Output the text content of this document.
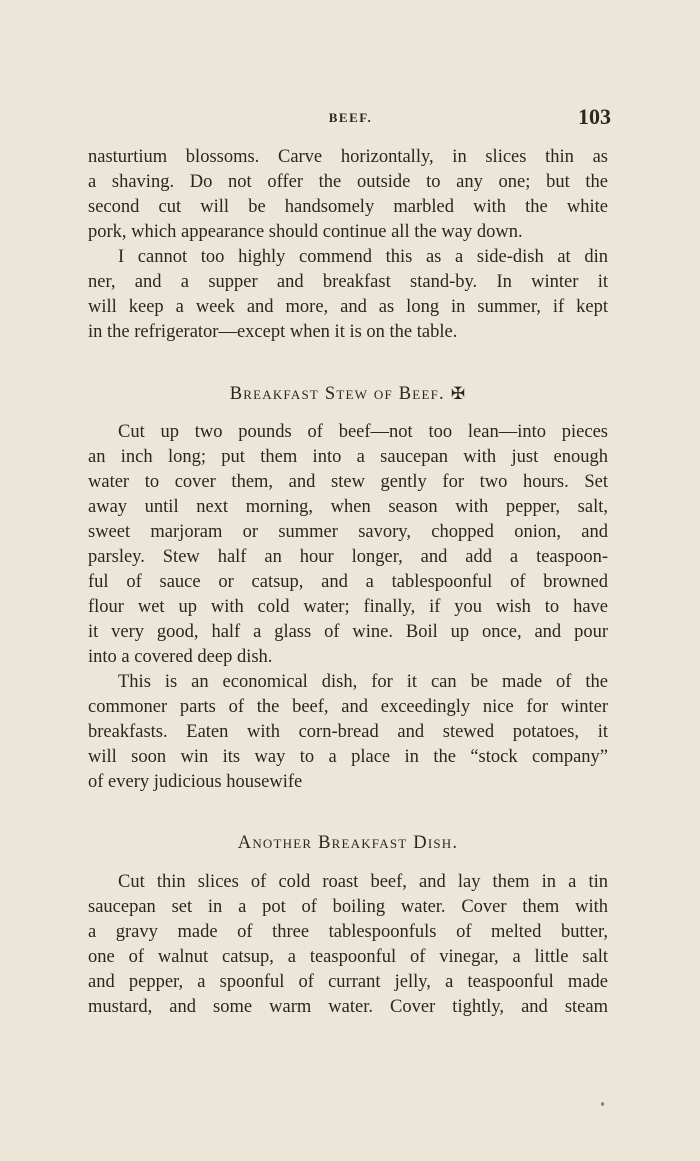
BEEF.	103
nasturtium blossoms. Carve horizontally, in slices thin as
a shaving. Do not offer the outside to any one; but the
second cut will be handsomely marbled with the white
pork, which appearance should continue all the way down.
I cannot too highly commend this as a side-dish at din
ner, and a supper and breakfast stand-by. In winter it
will keep a week and more, and as long in summer, if kept
in the refrigerator—except when it is on the table.
Breakfast Stew of Beef. ✠
Cut up two pounds of beef—not too lean—into pieces
an inch long; put them into a saucepan with just enough
water to cover them, and stew gently for two hours. Set
away until next morning, when season with pepper, salt,
sweet marjoram or summer savory, chopped onion, and
parsley. Stew half an hour longer, and add a teaspoon-
ful of sauce or catsup, and a tablespoonful of browned
flour wet up with cold water; finally, if you wish to have
it very good, half a glass of wine. Boil up once, and pour
into a covered deep dish.
This is an economical dish, for it can be made of the
commoner parts of the beef, and exceedingly nice for winter
breakfasts. Eaten with corn-bread and stewed potatoes, it
will soon win its way to a place in the “stock company”
of every judicious housewife
Another Breakfast Dish.
Cut thin slices of cold roast beef, and lay them in a tin
saucepan set in a pot of boiling water. Cover them with
a gravy made of three tablespoonfuls of melted butter,
one of walnut catsup, a teaspoonful of vinegar, a little salt
and pepper, a spoonful of currant jelly, a teaspoonful made
mustard, and some warm water. Cover tightly, and steam
